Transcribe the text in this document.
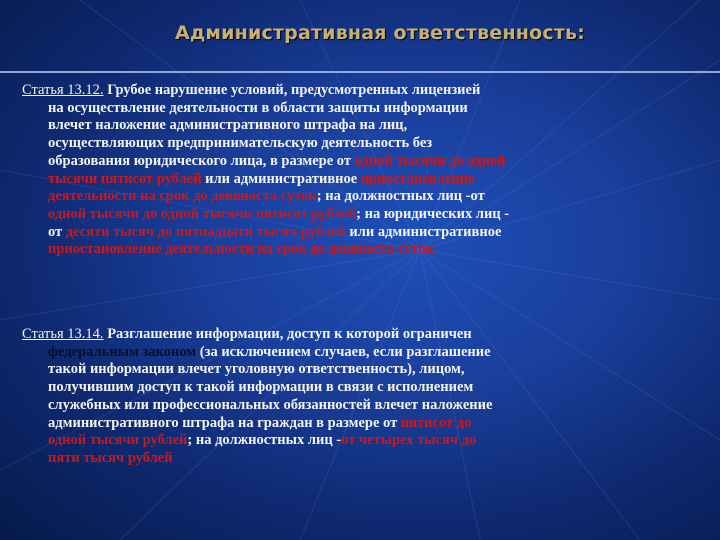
Административная ответственность:
Статья 13.12. Грубое нарушение условий, предусмотренных лицензией
на осуществление деятельности в области защиты информации
влечет наложение административного штрафа на лиц,
осуществляющих предпринимательскую деятельность без
образования юридического лица, в размере от одной тысячи до одной
тысячи пятисот рублей или административное приостановление
деятельности на срок до девяноста суток; на должностных лиц -от
одной тысячи до одной тысячи пятисот рублей; на юридических лиц -
от десяти тысяч до пятнадцати тысяч рублей или административное
приостановление деятельности на срок до девяноста суток.
Статья 13.14. Разглашение информации, доступ к которой ограничен
федеральным законом (за исключением случаев, если разглашение
такой информации влечет уголовную ответственность), лицом,
получившим доступ к такой информации в связи с исполнением
служебных или профессиональных обязанностей влечет наложение
административного штрафа на граждан в размере от пятисот до
одной тысячи рублей; на должностных лиц -от четырех тысяч до
пяти тысяч рублей
